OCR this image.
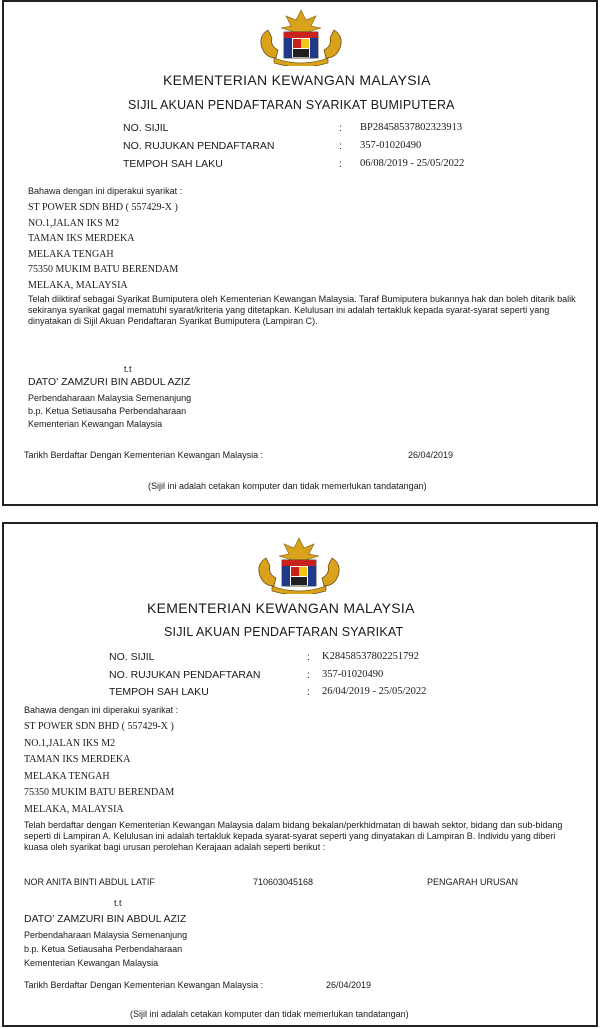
KEMENTERIAN KEWANGAN MALAYSIA
SIJIL AKUAN PENDAFTARAN SYARIKAT BUMIPUTERA
NO. SIJIL	: BP28458537802323913
NO. RUJUKAN PENDAFTARAN	: 357-01020490
TEMPOH SAH LAKU	: 06/08/2019 - 25/05/2022
Bahawa dengan ini diperakui syarikat :
ST POWER SDN BHD ( 557429-X )
NO.1,JALAN IKS M2
TAMAN IKS MERDEKA
MELAKA TENGAH
75350 MUKIM BATU BERENDAM
MELAKA, MALAYSIA
Telah diiktiraf sebagai Syarikat Bumiputera oleh Kementerian Kewangan Malaysia. Taraf Bumiputera bukannya hak dan boleh ditarik balik sekiranya syarikat gagal mematuhi syarat/kriteria yang ditetapkan. Kelulusan ini adalah tertakluk kepada syarat-syarat seperti yang dinyatakan di Sijil Akuan Pendaftaran Syarikat Bumiputera (Lampiran C).
t.t
DATO' ZAMZURI BIN ABDUL AZIZ
Perbendaharaan Malaysia Semenanjung
b.p. Ketua Setiausaha Perbendaharaan
Kementerian Kewangan Malaysia
Tarikh Berdaftar Dengan Kementerian Kewangan Malaysia :	26/04/2019
(Sijil ini adalah cetakan komputer dan tidak memerlukan tandatangan)
KEMENTERIAN KEWANGAN MALAYSIA
SIJIL AKUAN PENDAFTARAN SYARIKAT
NO. SIJIL	: K28458537802251792
NO. RUJUKAN PENDAFTARAN	: 357-01020490
TEMPOH SAH LAKU	: 26/04/2019 - 25/05/2022
Bahawa dengan ini diperakui syarikat :
ST POWER SDN BHD ( 557429-X )
NO.1,JALAN IKS M2
TAMAN IKS MERDEKA
MELAKA TENGAH
75350 MUKIM BATU BERENDAM
MELAKA, MALAYSIA
Telah berdaftar dengan Kementerian Kewangan Malaysia dalam bidang bekalan/perkhidmatan di bawah sektor, bidang dan sub-bidang seperti di Lampiran A. Kelulusan ini adalah tertakluk kepada syarat-syarat seperti yang dinyatakan di Lampiran B. Individu yang diberi kuasa oleh syarikat bagi urusan perolehan Kerajaan adalah seperti berikut :
NOR ANITA BINTI ABDUL LATIF	710603045168	PENGARAH URUSAN
t.t
DATO' ZAMZURI BIN ABDUL AZIZ
Perbendaharaan Malaysia Semenanjung
b.p. Ketua Setiausaha Perbendaharaan
Kementerian Kewangan Malaysia
Tarikh Berdaftar Dengan Kementerian Kewangan Malaysia :	26/04/2019
(Sijil ini adalah cetakan komputer dan tidak memerlukan tandatangan)
